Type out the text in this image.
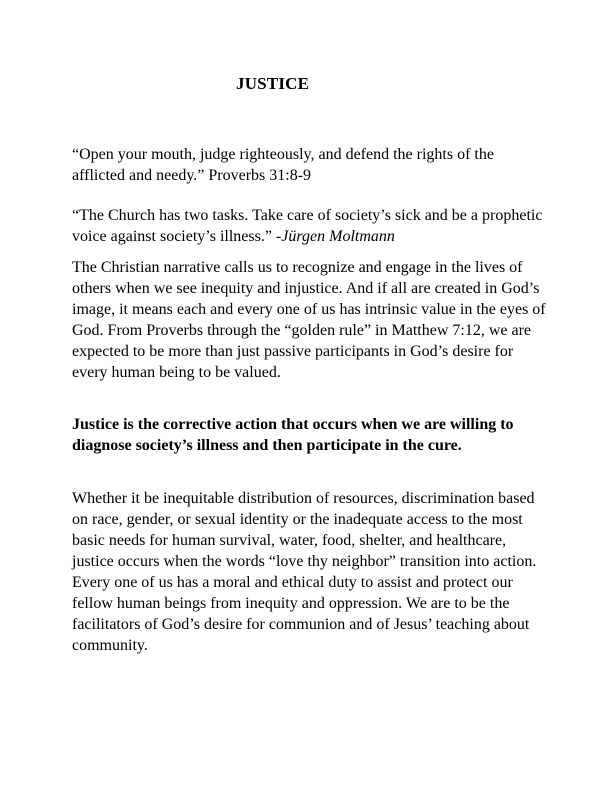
JUSTICE

“Open your mouth, judge righteously, and defend the rights of the afflicted and needy.” Proverbs 31:8-9

“The Church has two tasks. Take care of society’s sick and be a prophetic voice against society’s illness.” -Jürgen Moltmann

The Christian narrative calls us to recognize and engage in the lives of others when we see inequity and injustice. And if all are created in God’s image, it means each and every one of us has intrinsic value in the eyes of God. From Proverbs through the “golden rule” in Matthew 7:12, we are expected to be more than just passive participants in God’s desire for every human being to be valued.

Justice is the corrective action that occurs when we are willing to diagnose society’s illness and then participate in the cure.

Whether it be inequitable distribution of resources, discrimination based on race, gender, or sexual identity or the inadequate access to the most basic needs for human survival, water, food, shelter, and healthcare, justice occurs when the words “love thy neighbor” transition into action. Every one of us has a moral and ethical duty to assist and protect our fellow human beings from inequity and oppression. We are to be the facilitators of God’s desire for communion and of Jesus’ teaching about community.
